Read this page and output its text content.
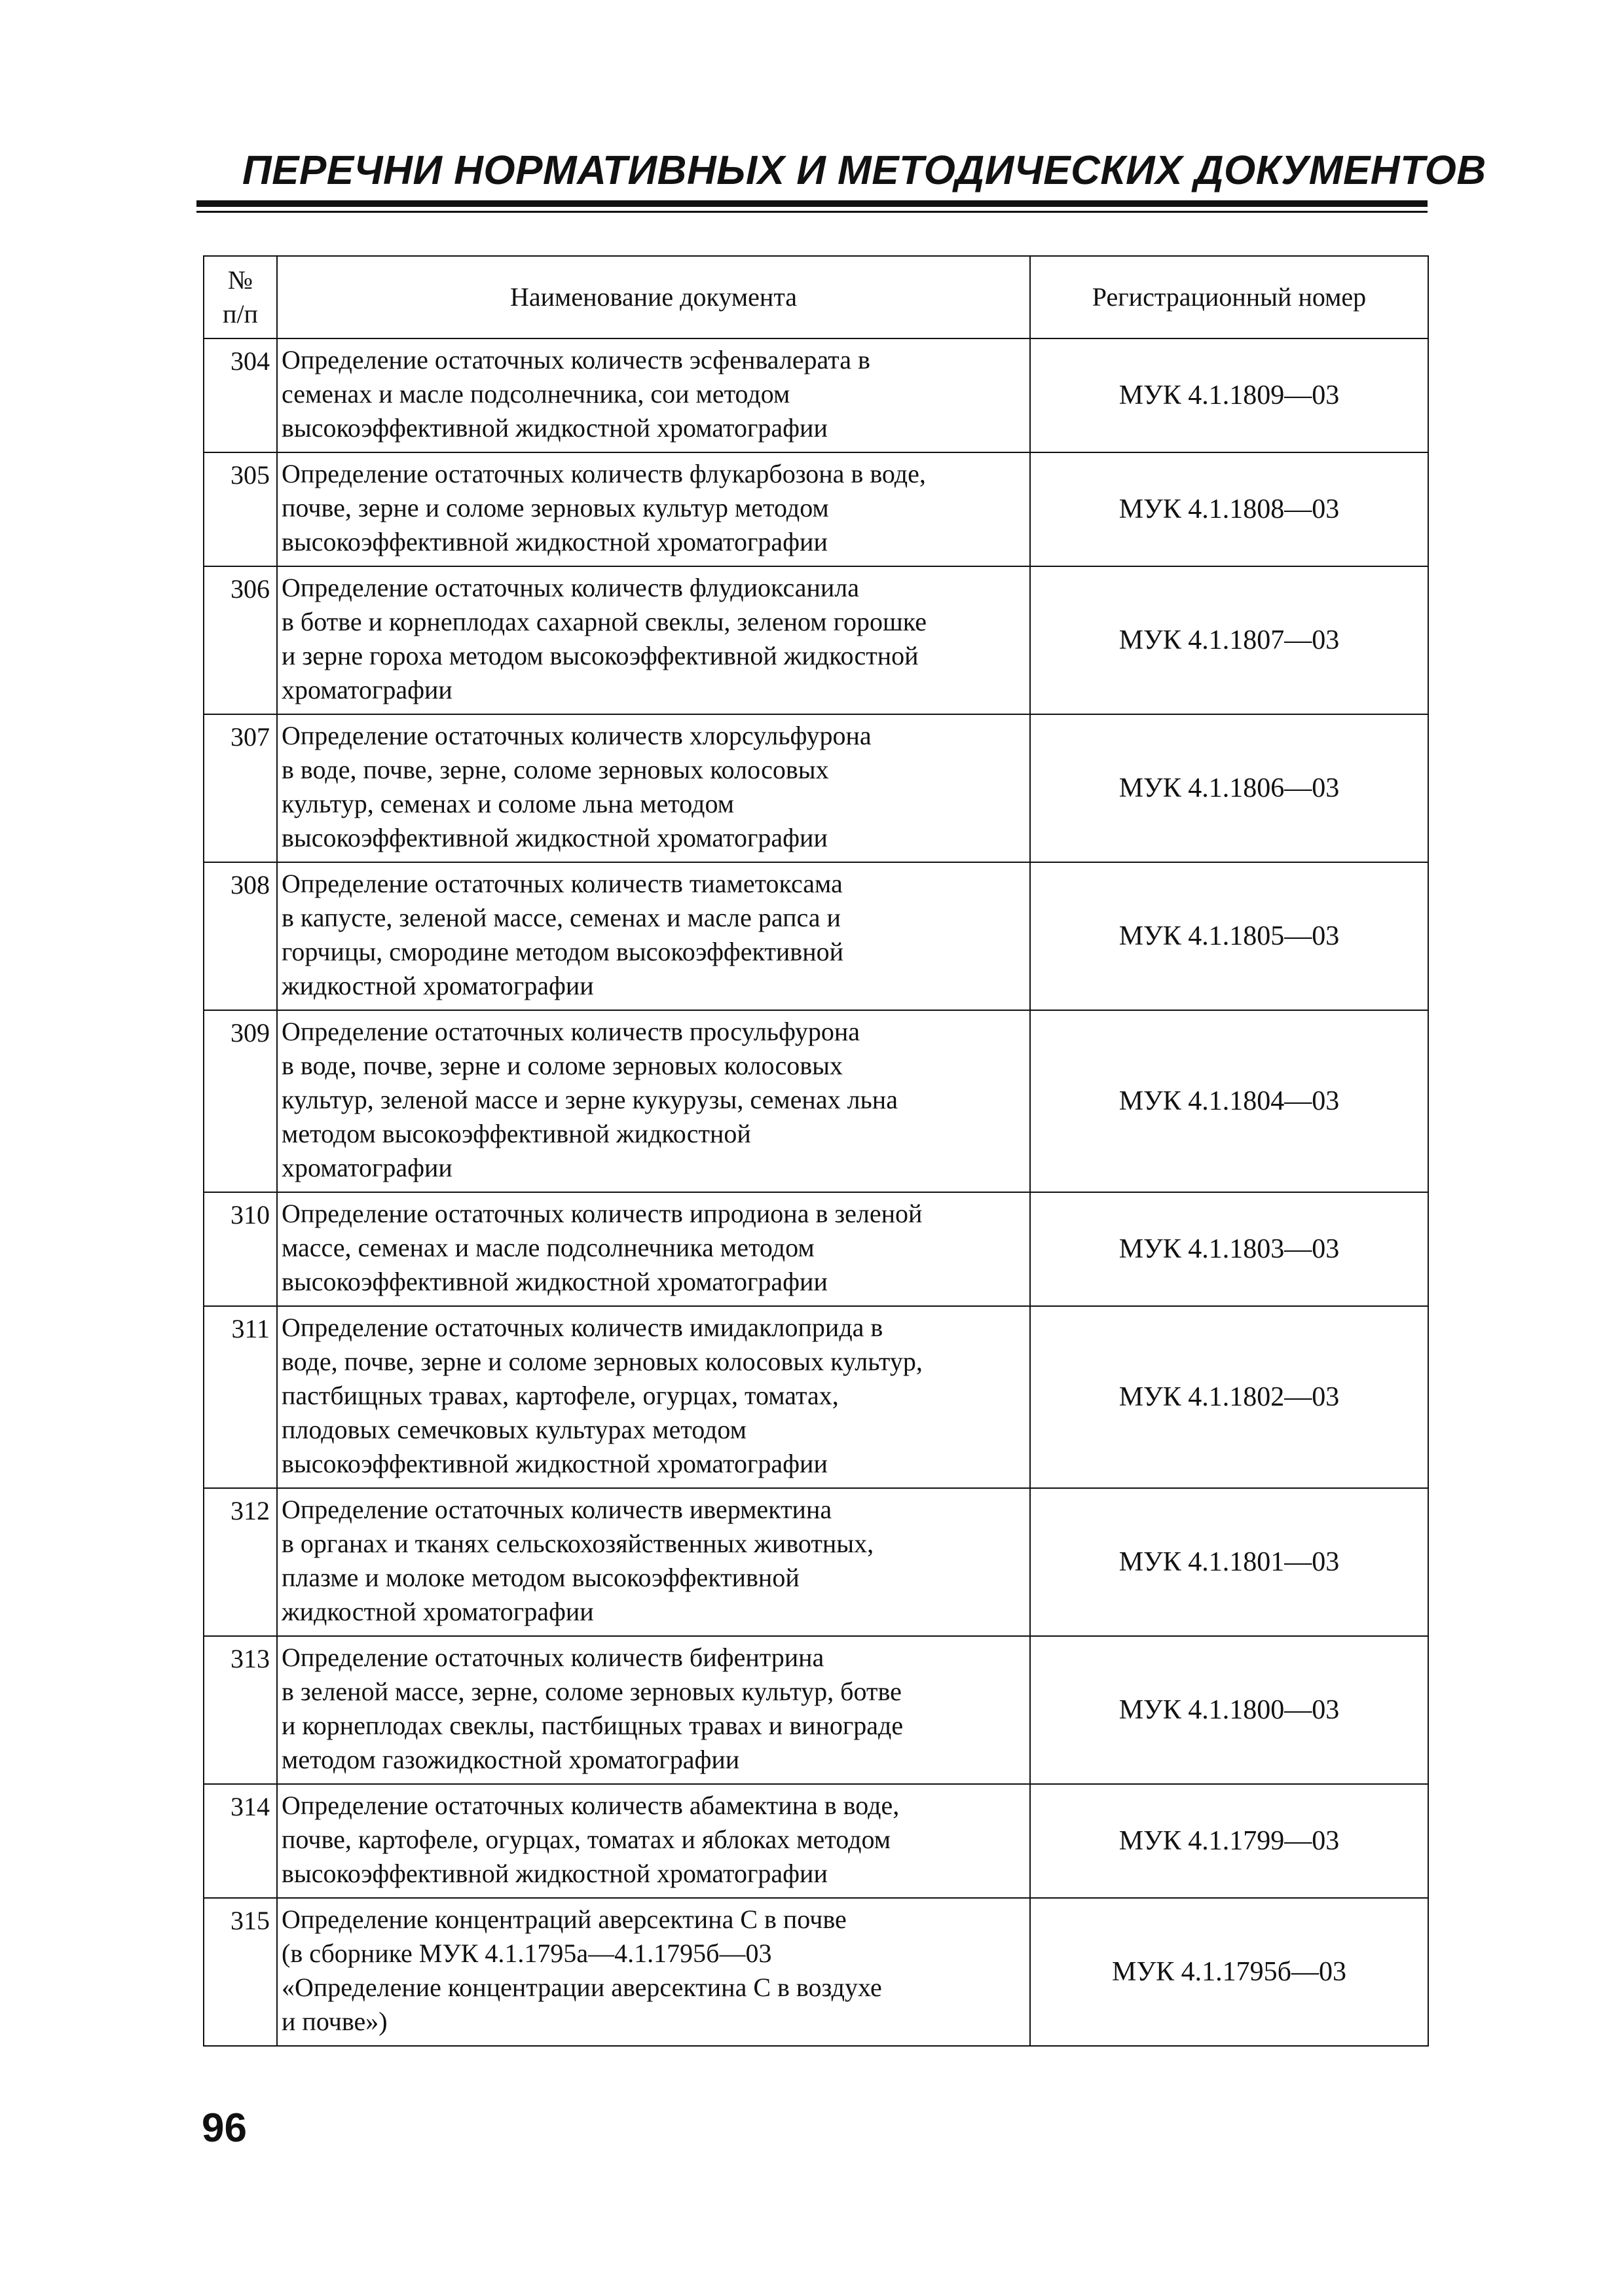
ПЕРЕЧНИ НОРМАТИВНЫХ И МЕТОДИЧЕСКИХ ДОКУМЕНТОВ
№
п/п	Наименование документа	Регистрационный номер
304	Определение остаточных количеств эсфенвалерата в
семенах и масле подсолнечника, сои методом
высокоэффективной жидкостной хроматографии	МУК 4.1.1809—03
305	Определение остаточных количеств флукарбозона в воде,
почве, зерне и соломе зерновых культур методом
высокоэффективной жидкостной хроматографии	МУК 4.1.1808—03
306	Определение остаточных количеств флудиоксанила
в ботве и корнеплодах сахарной свеклы, зеленом горошке
и зерне гороха методом высокоэффективной жидкостной
хроматографии	МУК 4.1.1807—03
307	Определение остаточных количеств хлорсульфурона
в воде, почве, зерне, соломе зерновых колосовых
культур, семенах и соломе льна методом
высокоэффективной жидкостной хроматографии	МУК 4.1.1806—03
308	Определение остаточных количеств тиаметоксама
в капусте, зеленой массе, семенах и масле рапса и
горчицы, смородине методом высокоэффективной
жидкостной хроматографии	МУК 4.1.1805—03
309	Определение остаточных количеств просульфурона
в воде, почве, зерне и соломе зерновых колосовых
культур, зеленой массе и зерне кукурузы, семенах льна
методом высокоэффективной жидкостной
хроматографии	МУК 4.1.1804—03
310	Определение остаточных количеств ипродиона в зеленой
массе, семенах и масле подсолнечника методом
высокоэффективной жидкостной хроматографии	МУК 4.1.1803—03
311	Определение остаточных количеств имидаклоприда в
воде, почве, зерне и соломе зерновых колосовых культур,
пастбищных травах, картофеле, огурцах, томатах,
плодовых семечковых культурах методом
высокоэффективной жидкостной хроматографии	МУК 4.1.1802—03
312	Определение остаточных количеств ивермектина
в органах и тканях сельскохозяйственных животных,
плазме и молоке методом высокоэффективной
жидкостной хроматографии	МУК 4.1.1801—03
313	Определение остаточных количеств бифентрина
в зеленой массе, зерне, соломе зерновых культур, ботве
и корнеплодах свеклы, пастбищных травах и винограде
методом газожидкостной хроматографии	МУК 4.1.1800—03
314	Определение остаточных количеств абамектина в воде,
почве, картофеле, огурцах, томатах и яблоках методом
высокоэффективной жидкостной хроматографии	МУК 4.1.1799—03
315	Определение концентраций аверсектина С в почве
(в сборнике МУК 4.1.1795а—4.1.1795б—03
«Определение концентрации аверсектина С в воздухе
и почве»)	МУК 4.1.1795б—03
96
